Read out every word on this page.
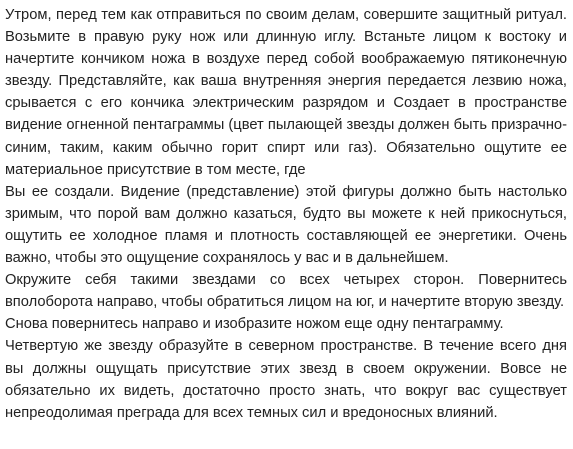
Утром, перед тем как отправиться по своим делам, совершите защитный ритуал. Возьмите в правую руку нож или длинную иглу. Встаньте лицом к востоку и начертите кончиком ножа в воздухе перед собой воображаемую пятиконечную звезду. Представляйте, как ваша внутренняя энергия передается лезвию ножа, срывается с его кончика электрическим разрядом и Создает в пространстве видение огненной пентаграммы (цвет пылающей звезды должен быть призрачно-синим, таким, каким обычно горит спирт или газ). Обязательно ощутите ее материальное присутствие в том месте, где

Вы ее создали. Видение (представление) этой фигуры должно быть настолько зримым, что порой вам должно казаться, будто вы можете к ней прикоснуться, ощутить ее холодное пламя и плотность составляющей ее энергетики. Очень важно, чтобы это ощущение сохранялось у вас и в дальнейшем.

Окружите себя такими звездами со всех четырех сторон. Повернитесь вполоборота направо, чтобы обратиться лицом на юг, и начертите вторую звезду.

Снова повернитесь направо и изобразите ножом еще одну пентаграмму.

Четвертую же звезду образуйте в северном пространстве. В течение всего дня вы должны ощущать присутствие этих звезд в своем окружении. Вовсе не обязательно их видеть, достаточно просто знать, что вокруг вас существует непреодолимая преграда для всех темных сил и вредоносных влияний.
